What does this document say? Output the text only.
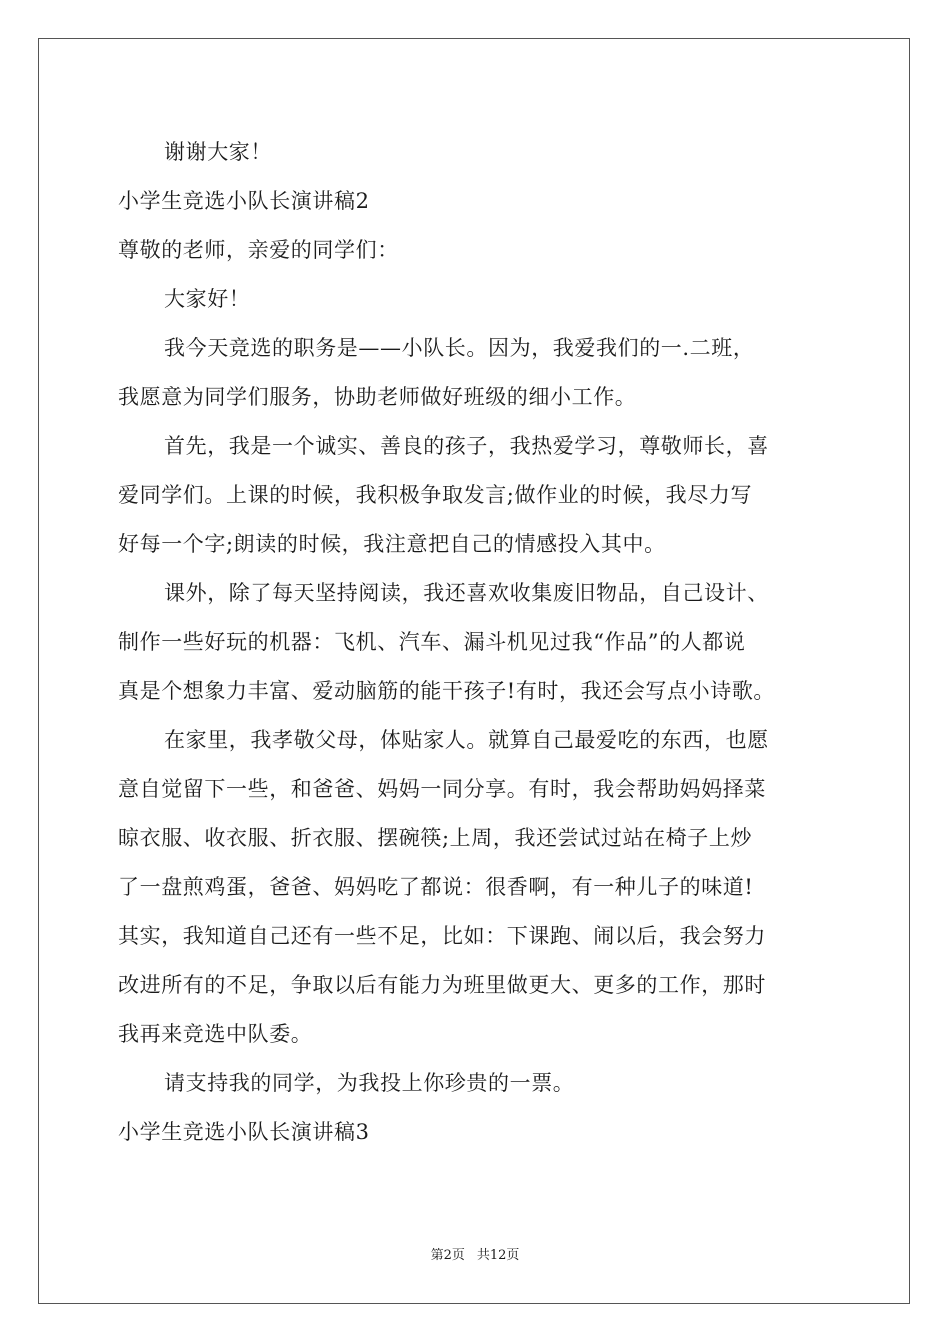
谢谢大家！
小学生竞选小队长演讲稿2
尊敬的老师，亲爱的同学们：
大家好！
我今天竞选的职务是——小队长。因为，我爱我们的一.二班，
我愿意为同学们服务，协助老师做好班级的细小工作。
首先，我是一个诚实、善良的孩子，我热爱学习，尊敬师长，喜
爱同学们。上课的时候，我积极争取发言;做作业的时候，我尽力写
好每一个字;朗读的时候，我注意把自己的情感投入其中。
课外，除了每天坚持阅读，我还喜欢收集废旧物品，自己设计、
制作一些好玩的机器：飞机、汽车、漏斗机见过我“作品”的人都说
真是个想象力丰富、爱动脑筋的能干孩子!有时，我还会写点小诗歌。
在家里，我孝敬父母，体贴家人。就算自己最爱吃的东西，也愿
意自觉留下一些，和爸爸、妈妈一同分享。有时，我会帮助妈妈择菜
晾衣服、收衣服、折衣服、摆碗筷;上周，我还尝试过站在椅子上炒
了一盘煎鸡蛋，爸爸、妈妈吃了都说：很香啊，有一种儿子的味道!
其实，我知道自己还有一些不足，比如：下课跑、闹以后，我会努力
改进所有的不足，争取以后有能力为班里做更大、更多的工作，那时
我再来竞选中队委。
请支持我的同学，为我投上你珍贵的一票。
小学生竞选小队长演讲稿3
第2页 共12页
